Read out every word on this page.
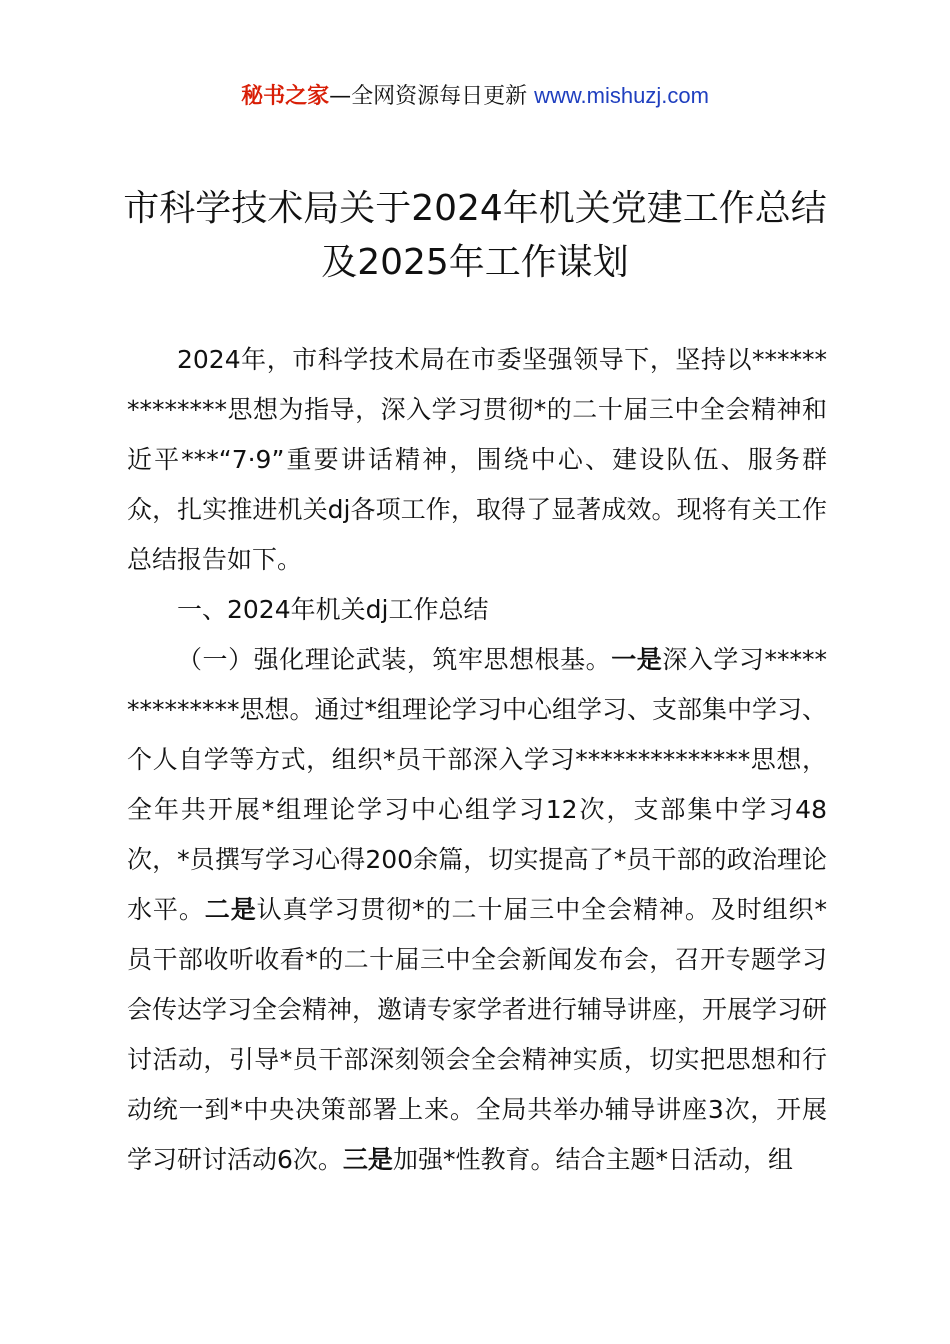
秘书之家—全网资源每日更新 www.mishuzj.com
市科学技术局关于2024年机关党建工作总结
及2025年工作谋划

2024年，市科学技术局在市委坚强领导下，坚持以**************思想为指导，深入学习贯彻*的二十届三中全会精神和近平***“7·9”重要讲话精神，围绕中心、建设队伍、服务群众，扎实推进机关dj各项工作，取得了显著成效。现将有关工作总结报告如下。

一、2024年机关dj工作总结

（一）强化理论武装，筑牢思想根基。一是深入学习**************思想。通过*组理论学习中心组学习、支部集中学习、个人自学等方式，组织*员干部深入学习**************思想，全年共开展*组理论学习中心组学习12次，支部集中学习48次，*员撰写学习心得200余篇，切实提高了*员干部的政治理论水平。二是认真学习贯彻*的二十届三中全会精神。及时组织*员干部收听收看*的二十届三中全会新闻发布会，召开专题学习会传达学习全会精神，邀请专家学者进行辅导讲座，开展学习研讨活动，引导*员干部深刻领会全会精神实质，切实把思想和行动统一到*中央决策部署上来。全局共举办辅导讲座3次，开展学习研讨活动6次。三是加强*性教育。结合主题*日活动，组
